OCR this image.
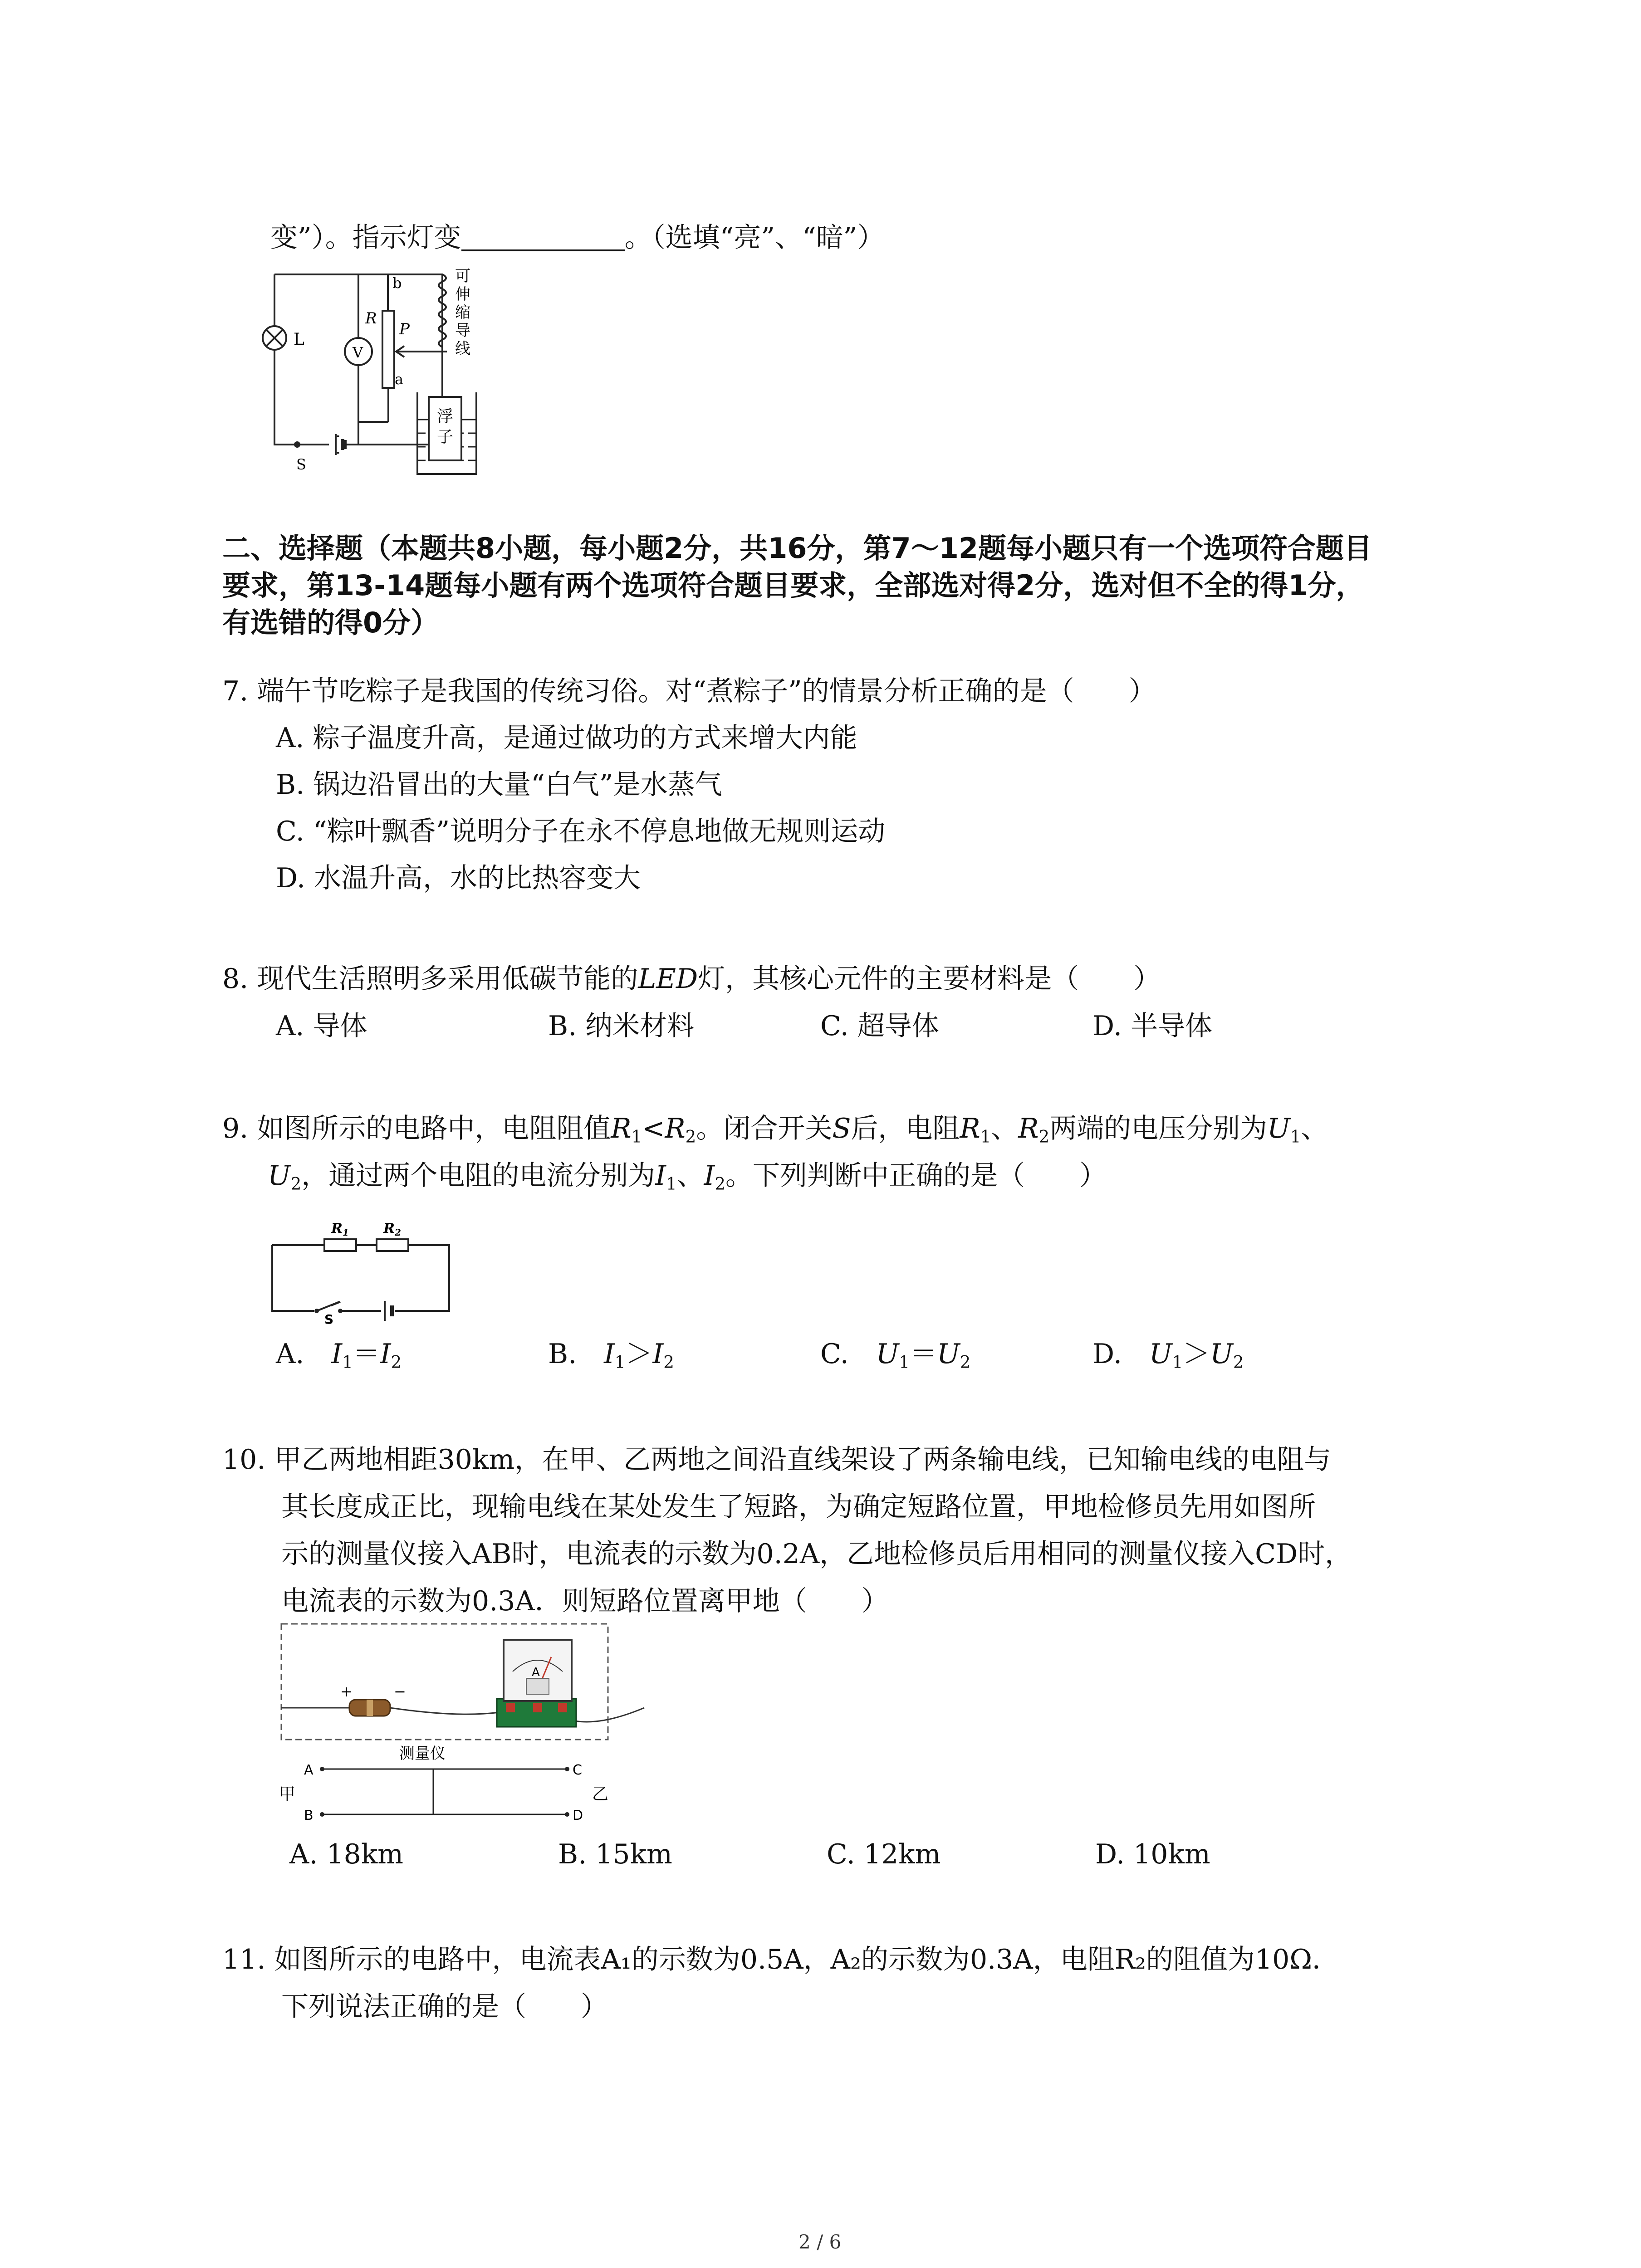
变”）。指示灯变	。（选填“亮”、“暗”）
L
V
R
P
b
a
S
可
伸
缩
导
线
浮
子
二、选择题（本题共8小题，每小题2分，共16分，第7～12题每小题只有一个选项符合题目
要求，第13-14题每小题有两个选项符合题目要求，全部选对得2分，选对但不全的得1分，
有选错的得0分）
7. 端午节吃粽子是我国的传统习俗。对“煮粽子”的情景分析正确的是（　　）
A. 粽子温度升高，是通过做功的方式来增大内能
B. 锅边沿冒出的大量“白气”是水蒸气
C. “粽叶飘香”说明分子在永不停息地做无规则运动
D. 水温升高，水的比热容变大
8. 现代生活照明多采用低碳节能的LED灯，其核心元件的主要材料是（　　）
A. 导体	B. 纳米材料	C. 超导体	D. 半导体
9. 如图所示的电路中，电阻阻值$R_1<R_2$。闭合开关S后，电阻$R_1$、$R_2$两端的电压分别为$U_1$、
$U_2$，通过两个电阻的电流分别为$I_1$、$I_2$。下列判断中正确的是（　　）
$R_1$	$R_2$
S
A.　 $I_1=I_2$	B.　 $I_1>I_2$	C.　 $U_1=U_2$	D.　 $U_1>U_2$
10. 甲乙两地相距30km，在甲、乙两地之间沿直线架设了两条输电线，已知输电线的电阻与
其长度成正比，现输电线在某处发生了短路，为确定短路位置，甲地检修员先用如图所
示的测量仪接入AB时，电流表的示数为0.2A，乙地检修员后用相同的测量仪接入CD时，
电流表的示数为0.3A．则短路位置离甲地（　　）
+	−
A
测量仪
A
B
C
D
甲	乙
A. 18km	B. 15km	C. 12km	D. 10km
11. 如图所示的电路中，电流表A₁的示数为0.5A，A₂的示数为0.3A，电阻R₂的阻值为10Ω．
下列说法正确的是（　　）
2 / 6
